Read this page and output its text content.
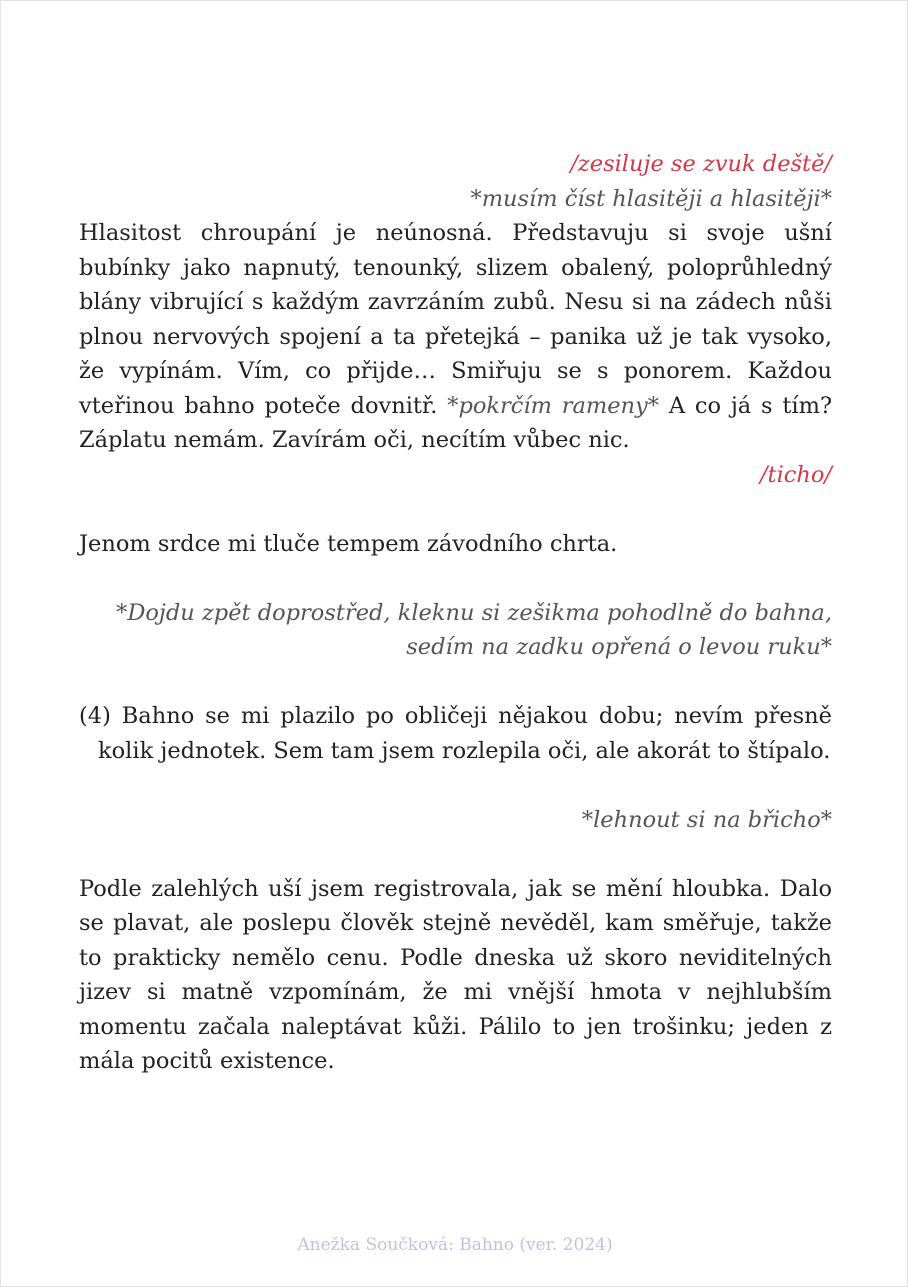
/zesiluje se zvuk deště/

*musím číst hlasitěji a hlasitěji*

Hlasitost chroupání je neúnosná. Představuju si svoje ušní bubínky jako napnutý, tenounký, slizem obalený, poloprůhledný blány vibrující s každým zavrzáním zubů. Nesu si na zádech nůši plnou nervových spojení a ta přetejká – panika už je tak vysoko, že vypínám. Vím, co přijde… Smiřuju se s ponorem. Každou vteřinou bahno poteče dovnitř. *pokrčím rameny* A co já s tím? Záplatu nemám. Zavírám oči, necítím vůbec nic.

/ticho/

Jenom srdce mi tluče tempem závodního chrta.

*Dojdu zpět doprostřed, kleknu si zešikma pohodlně do bahna, sedím na zadku opřená o levou ruku*

(4) Bahno se mi plazilo po obličeji nějakou dobu; nevím přesně kolik jednotek. Sem tam jsem rozlepila oči, ale akorát to štípalo.

*lehnout si na břicho*

Podle zalehlých uší jsem registrovala, jak se mění hloubka. Dalo se plavat, ale poslepu člověk stejně nevěděl, kam směřuje, takže to prakticky nemělo cenu. Podle dneska už skoro neviditelných jizev si matně vzpomínám, že mi vnější hmota v nejhlubším momentu začala naleptávat kůži. Pálilo to jen trošinku; jeden z mála pocitů existence.

Anežka Součková: Bahno (ver. 2024)
